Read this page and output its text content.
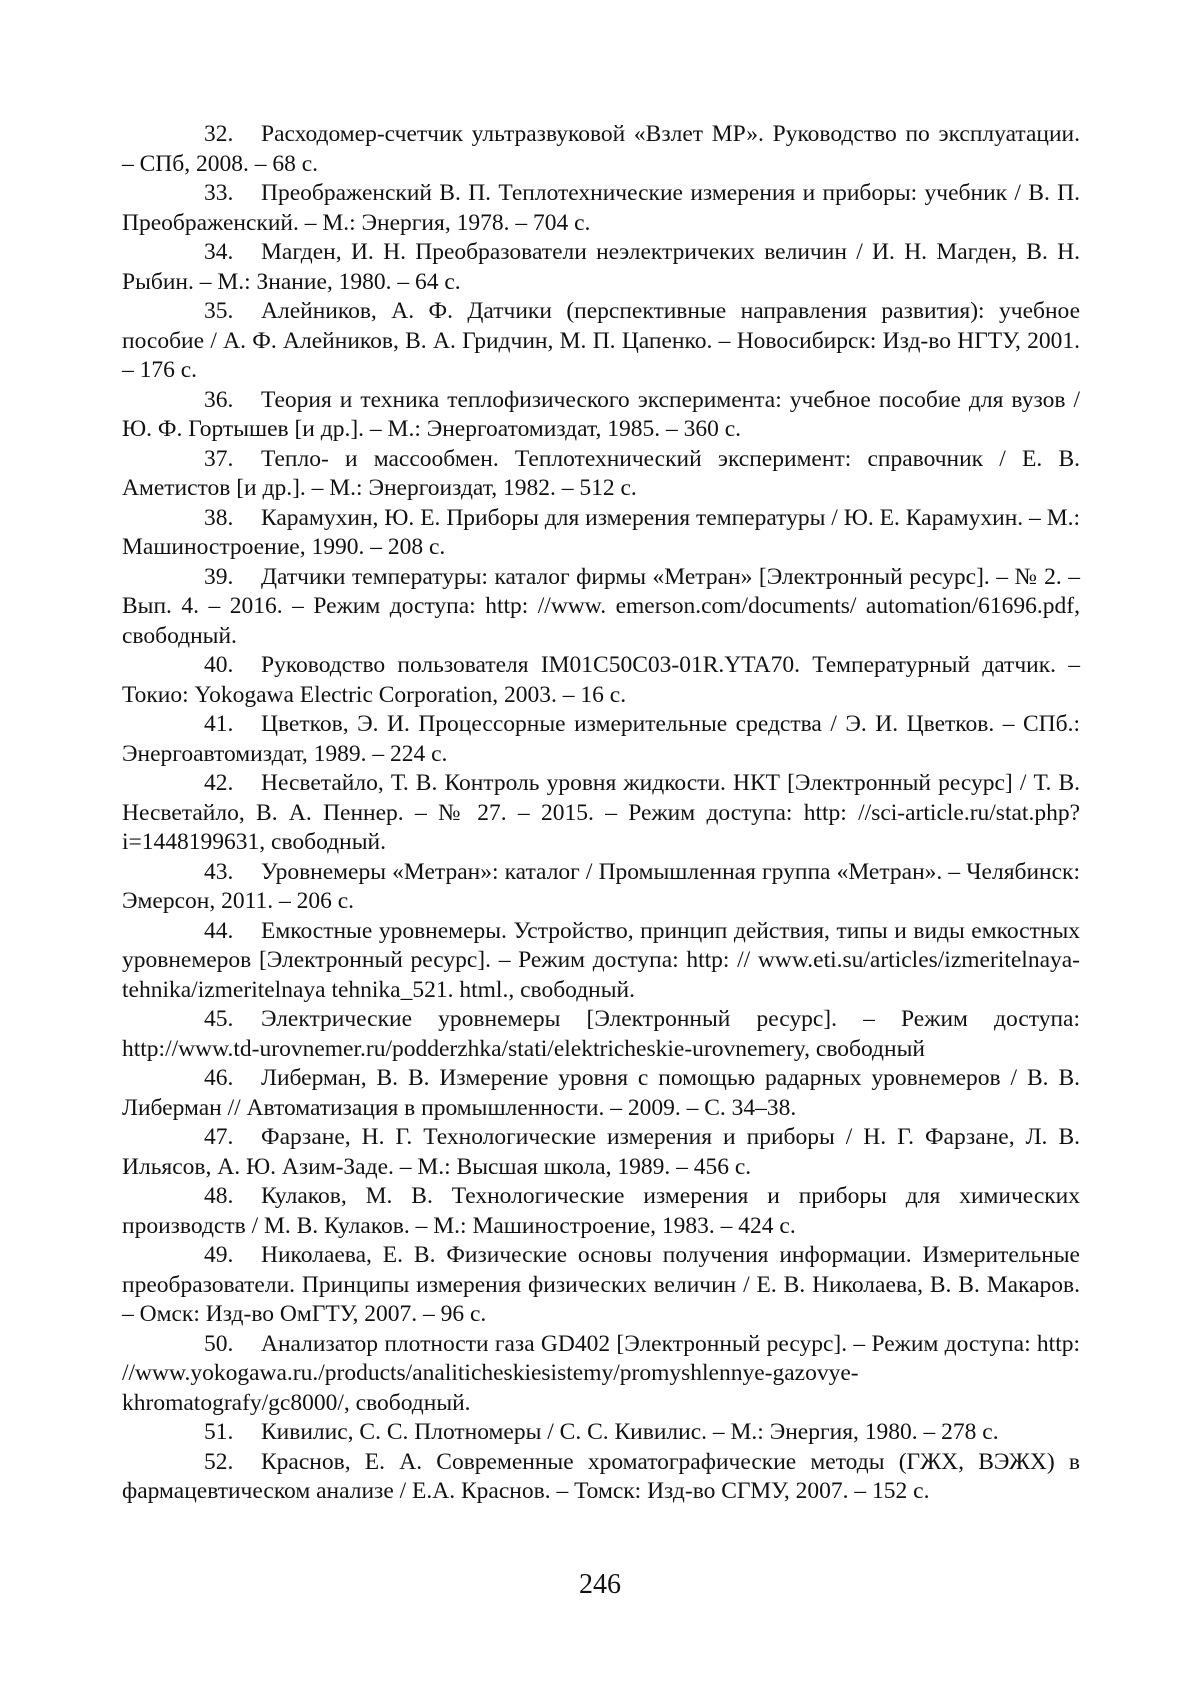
32. Расходомер-счетчик ультразвуковой «Взлет МР». Руководство по эксплуатации. – СПб, 2008. – 68 с.

33. Преображенский В. П. Теплотехнические измерения и приборы: учебник / В. П. Преображенский. – М.: Энергия, 1978. – 704 с.

34. Магден, И. Н. Преобразователи неэлектричеких величин / И. Н. Магден, В. Н. Рыбин. – М.: Знание, 1980. – 64 с.

35. Алейников, А. Ф. Датчики (перспективные направления развития): учебное пособие / А. Ф. Алейников, В. А. Гридчин, М. П. Цапенко. – Новосибирск: Изд-во НГТУ, 2001. – 176 с.

36. Теория и техника теплофизического эксперимента: учебное пособие для вузов / Ю. Ф. Гортышев [и др.]. – М.: Энергоатомиздат, 1985. – 360 с.

37. Тепло- и массообмен. Теплотехнический эксперимент: справочник / Е. В. Аметистов [и др.]. – М.: Энергоиздат, 1982. – 512 с.

38. Карамухин, Ю. Е. Приборы для измерения температуры / Ю. Е. Карамухин. – М.: Машиностроение, 1990. – 208 с.

39. Датчики температуры: каталог фирмы «Метран» [Электронный ресурс]. – № 2. – Вып. 4. – 2016. – Режим доступа: http: //www. emerson.com/documents/ automation/61696.pdf, свободный.

40. Руководство пользователя IM01C50C03-01R.YTA70. Температурный датчик. – Токио: Yokogawa Electric Corporation, 2003. – 16 с.

41. Цветков, Э. И. Процессорные измерительные средства / Э. И. Цветков. – СПб.: Энергоавтомиздат, 1989. – 224 с.

42. Несветайло, Т. В. Контроль уровня жидкости. НКТ [Электронный ресурс] / Т. В. Несветайло, В. А. Пеннер. – № 27. – 2015. – Режим доступа: http: //sci-article.ru/stat.php?i=1448199631, свободный.

43. Уровнемеры «Метран»: каталог / Промышленная группа «Метран». – Челябинск: Эмерсон, 2011. – 206 с.

44. Емкостные уровнемеры. Устройство, принцип действия, типы и виды емкостных уровнемеров [Электронный ресурс]. – Режим доступа: http: // www.eti.su/articles/izmeritelnaya-tehnika/izmeritelnaya tehnika_521. html., свободный.

45. Электрические уровнемеры [Электронный ресурс]. – Режим доступа: http://www.td-urovnemer.ru/podderzhka/stati/elektricheskie-urovnemery, свободный

46. Либерман, В. В. Измерение уровня с помощью радарных уровнемеров / В. В. Либерман // Автоматизация в промышленности. – 2009. – С. 34–38.

47. Фарзане, Н. Г. Технологические измерения и приборы / Н. Г. Фарзане, Л. В. Ильясов, А. Ю. Азим-Заде. – М.: Высшая школа, 1989. – 456 с.

48. Кулаков, М. В. Технологические измерения и приборы для химических производств / М. В. Кулаков. – М.: Машиностроение, 1983. – 424 с.

49. Николаева, Е. В. Физические основы получения информации. Измерительные преобразователи. Принципы измерения физических величин / Е. В. Николаева, В. В. Макаров. – Омск: Изд-во ОмГТУ, 2007. – 96 с.

50. Анализатор плотности газа GD402 [Электронный ресурс]. – Режим доступа: http: //www.yokogawa.ru./products/analiticheskiesistemy/promyshlennye-gazovye-khromatografy/gc8000/, свободный.

51. Кивилис, С. С. Плотномеры / С. С. Кивилис. – М.: Энергия, 1980. – 278 с.

52. Краснов, Е. А. Современные хроматографические методы (ГЖХ, ВЭЖХ) в фармацевтическом анализе / Е.А. Краснов. – Томск: Изд-во СГМУ, 2007. – 152 с.

246
